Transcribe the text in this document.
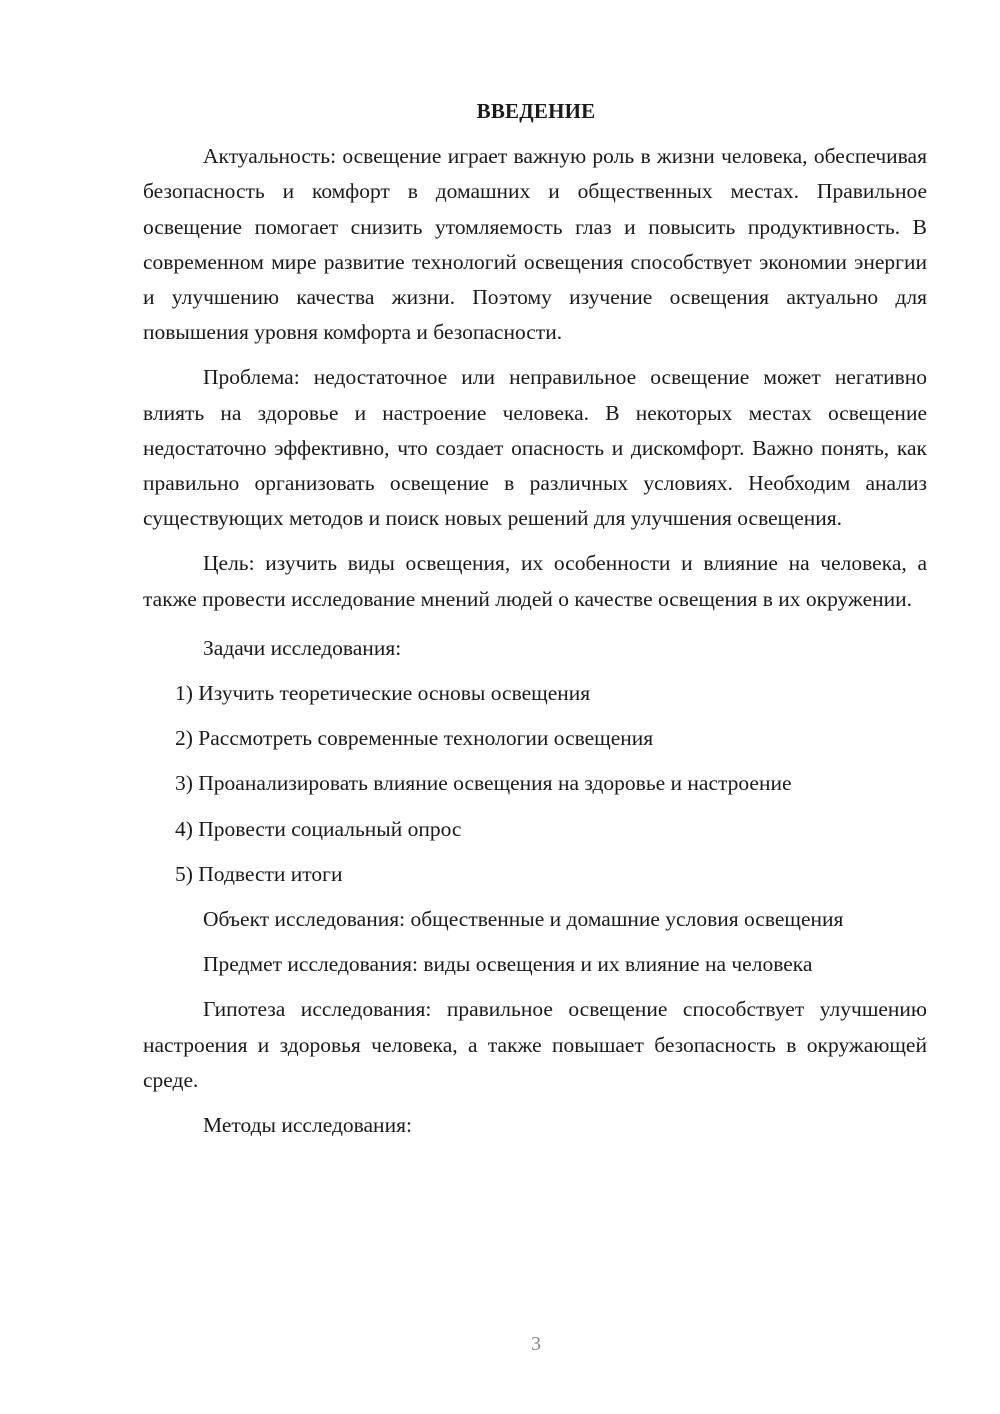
ВВЕДЕНИЕ

Актуальность: освещение играет важную роль в жизни человека, обеспечивая безопасность и комфорт в домашних и общественных местах. Правильное освещение помогает снизить утомляемость глаз и повысить продуктивность. В современном мире развитие технологий освещения способствует экономии энергии и улучшению качества жизни. Поэтому изучение освещения актуально для повышения уровня комфорта и безопасности.

Проблема: недостаточное или неправильное освещение может негативно влиять на здоровье и настроение человека. В некоторых местах освещение недостаточно эффективно, что создает опасность и дискомфорт. Важно понять, как правильно организовать освещение в различных условиях. Необходим анализ существующих методов и поиск новых решений для улучшения освещения.

Цель: изучить виды освещения, их особенности и влияние на человека, а также провести исследование мнений людей о качестве освещения в их окружении.

Задачи исследования:

1) Изучить теоретические основы освещения
2) Рассмотреть современные технологии освещения
3) Проанализировать влияние освещения на здоровье и настроение
4) Провести социальный опрос
5) Подвести итоги

Объект исследования: общественные и домашние условия освещения

Предмет исследования: виды освещения и их влияние на человека

Гипотеза исследования: правильное освещение способствует улучшению настроения и здоровья человека, а также повышает безопасность в окружающей среде.

Методы исследования:

3
